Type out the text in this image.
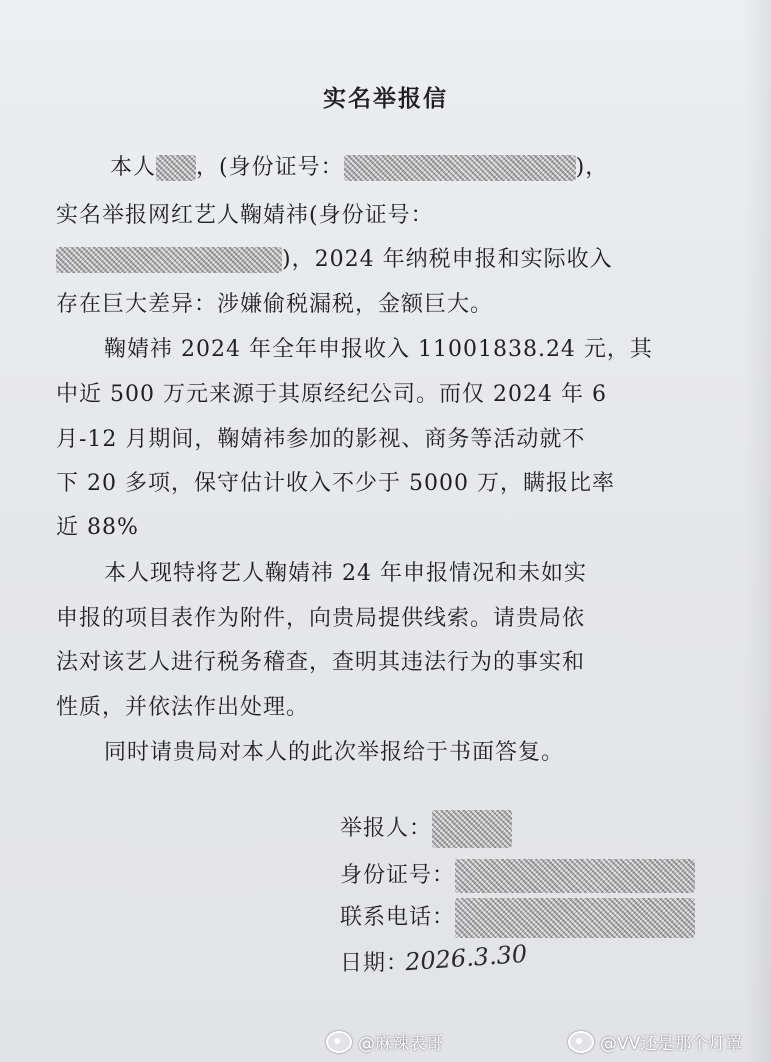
实名举报信
本人 ，(身份证号：	)，
实名举报网红艺人鞠婧祎(身份证号：
)，2024 年纳税申报和实际收入
存在巨大差异：涉嫌偷税漏税，金额巨大。
鞠婧祎 2024 年全年申报收入 11001838.24 元，其
中近 500 万元来源于其原经纪公司。而仅 2024 年 6
月-12 月期间，鞠婧祎参加的影视、商务等活动就不
下 20 多项，保守估计收入不少于 5000 万，瞒报比率
近 88%
本人现特将艺人鞠婧祎 24 年申报情况和未如实
申报的项目表作为附件，向贵局提供线索。请贵局依
法对该艺人进行税务稽查，查明其违法行为的事实和
性质，并依法作出处理。
同时请贵局对本人的此次举报给于书面答复。
举报人：
身份证号：
联系电话：
日期：
2026.3.30
@麻辣表哥	@VV还是那个灯罩
